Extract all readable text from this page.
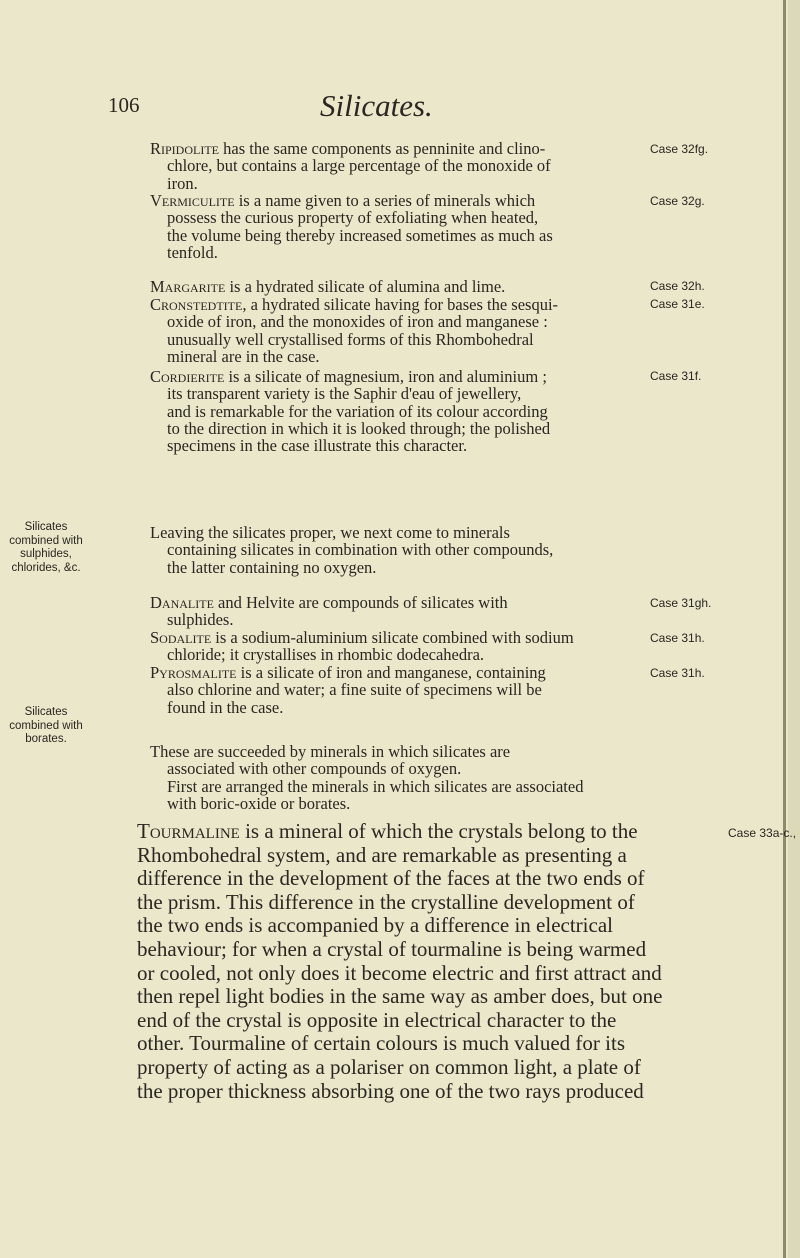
106	Silicates.
Ripidolite has the same components as penninite and clino-
chlore, but contains a large percentage of the monoxide of
iron.
Vermiculite is a name given to a series of minerals which
possess the curious property of exfoliating when heated,
the volume being thereby increased sometimes as much as
tenfold.
Margarite is a hydrated silicate of alumina and lime.
Cronstedtite, a hydrated silicate having for bases the sesqui-
oxide of iron, and the monoxides of iron and manganese :
unusually well crystallised forms of this Rhombohedral
mineral are in the case.
Cordierite is a silicate of magnesium, iron and aluminium ;
its transparent variety is the Saphir d'eau of jewellery,
and is remarkable for the variation of its colour according
to the direction in which it is looked through; the polished
specimens in the case illustrate this character.
Leaving the silicates proper, we next come to minerals
containing silicates in combination with other compounds,
the latter containing no oxygen.
Danalite and Helvite are compounds of silicates with
sulphides.
Sodalite is a sodium-aluminium silicate combined with sodium
chloride; it crystallises in rhombic dodecahedra.
Pyrosmalite is a silicate of iron and manganese, containing
also chlorine and water; a fine suite of specimens will be
found in the case.
These are succeeded by minerals in which silicates are
associated with other compounds of oxygen.
First are arranged the minerals in which silicates are associated
with boric-oxide or borates.
Silicates combined with sulphides, chlorides, &c.
Silicates combined with borates.
Tourmaline is a mineral of which the crystals belong to the
Rhombohedral system, and are remarkable as presenting a
difference in the development of the faces at the two ends of
the prism. This difference in the crystalline development of
the two ends is accompanied by a difference in electrical
behaviour; for when a crystal of tourmaline is being warmed
or cooled, not only does it become electric and first attract and
then repel light bodies in the same way as amber does, but one
end of the crystal is opposite in electrical character to the
other. Tourmaline of certain colours is much valued for its
property of acting as a polariser on common light, a plate of
the proper thickness absorbing one of the two rays produced
Case 33a-c.,
Case 32fg.
Case 32g.
Case 32h.
Case 31e.
Case 31f.
Case 31gh.
Case 31h.
Case 31h.
